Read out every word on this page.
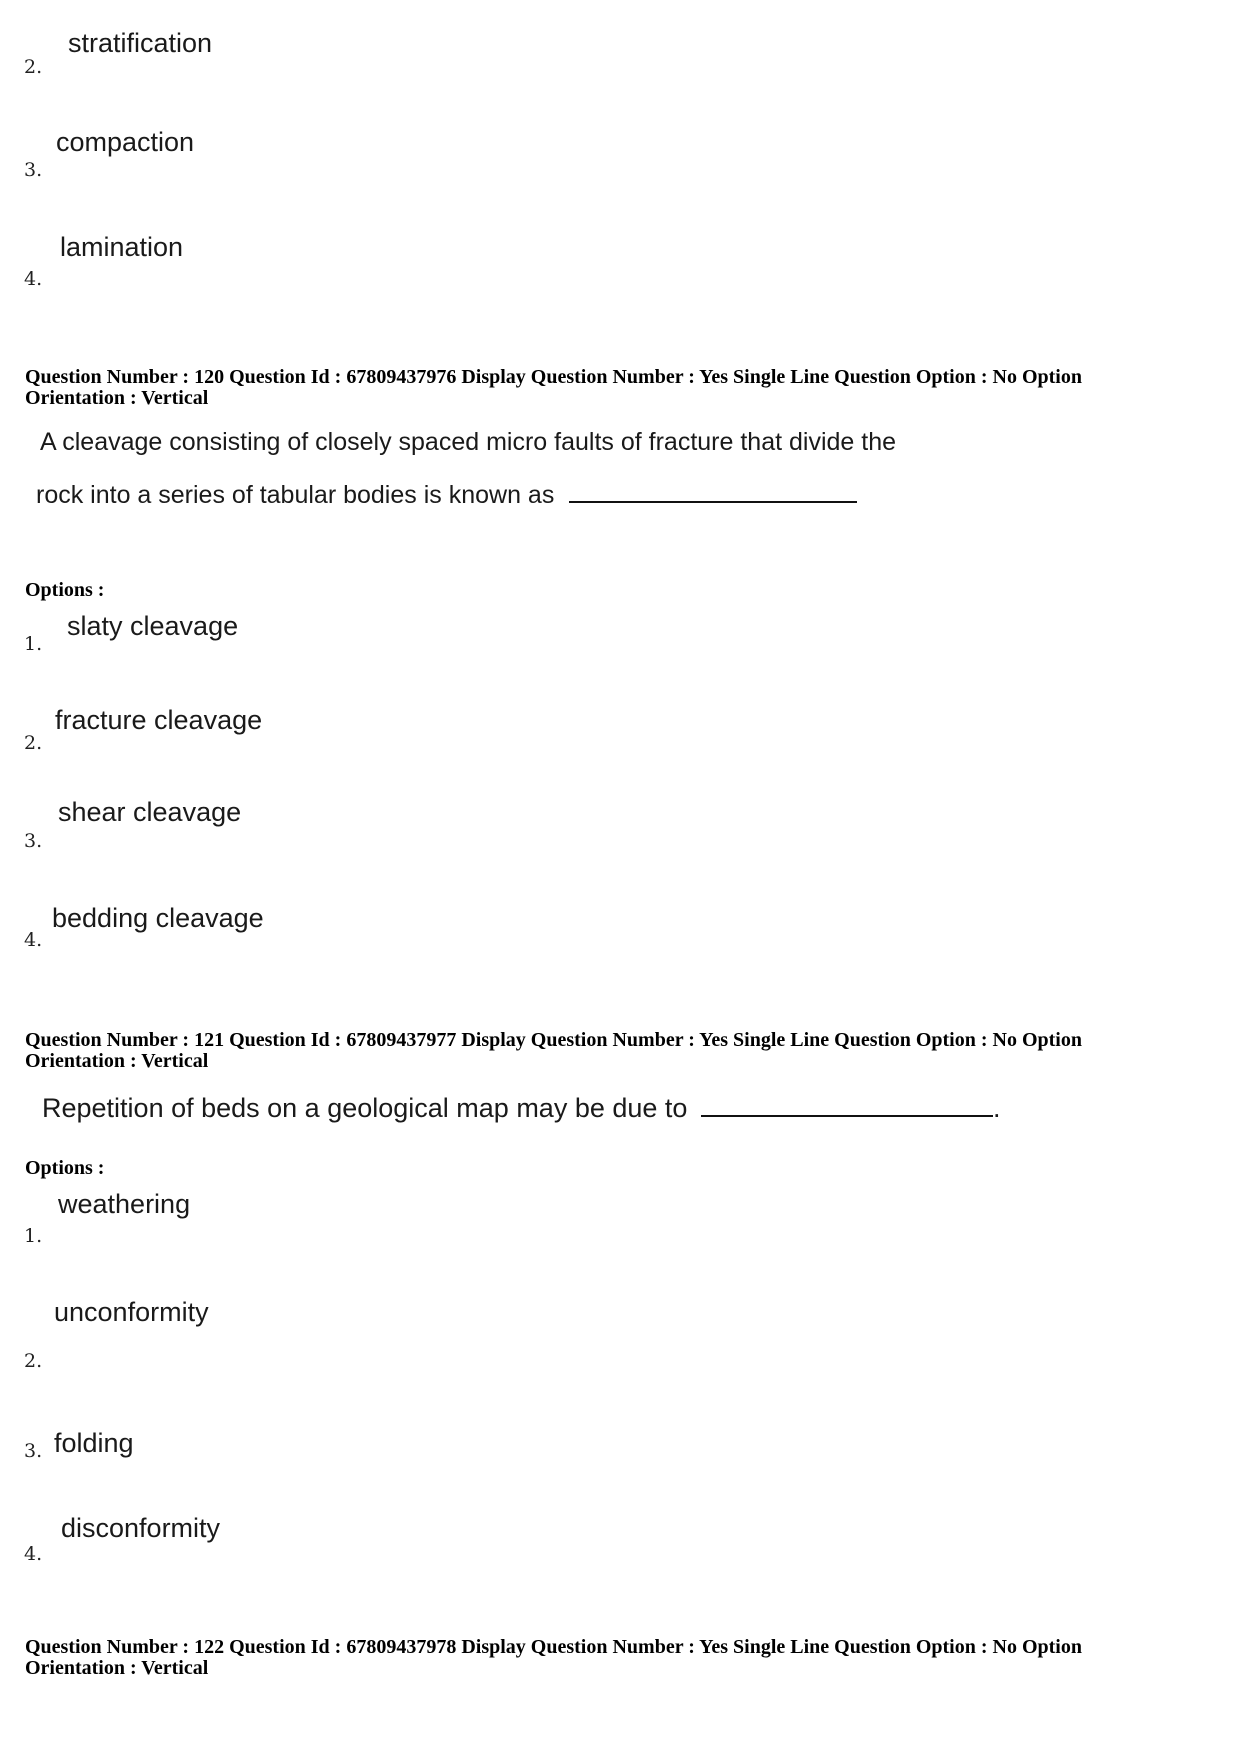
stratification
2.
compaction
3.
lamination
4.
Question Number : 120 Question Id : 67809437976 Display Question Number : Yes Single Line Question Option : No Option
Orientation : Vertical
A cleavage consisting of closely spaced micro faults of fracture that divide the
rock into a series of tabular bodies is known as
Options :
slaty cleavage
1.
fracture cleavage
2.
shear cleavage
3.
bedding cleavage
4.
Question Number : 121 Question Id : 67809437977 Display Question Number : Yes Single Line Question Option : No Option
Orientation : Vertical
Repetition of beds on a geological map may be due to	.
Options :
weathering
1.
unconformity
2.
folding
3.
disconformity
4.
Question Number : 122 Question Id : 67809437978 Display Question Number : Yes Single Line Question Option : No Option
Orientation : Vertical
